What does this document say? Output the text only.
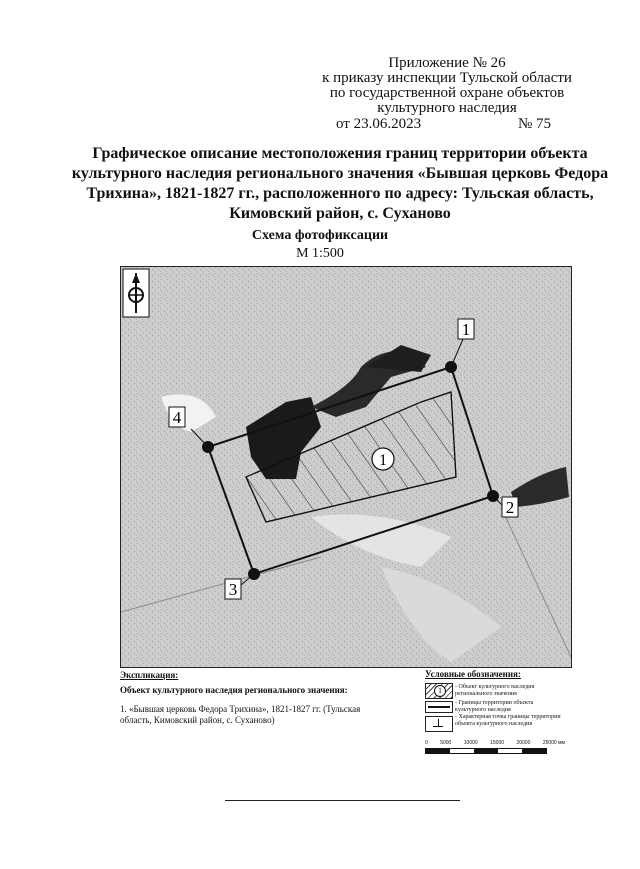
Приложение № 26
к приказу инспекции Тульской области
по государственной охране объектов
культурного наследия
от 23.06.2023	№ 75
Графическое описание местоположения границ территории объекта культурного наследия регионального значения «Бывшая церковь Федора Трихина», 1821-1827 гг., расположенного по адресу: Тульская область, Кимовский район, с. Суханово
Схема фотофиксации
М 1:500
1
2
3
4
1
Экспликация:
Объект культурного наследия регионального значения:
1. «Бывшая церковь Федора Трихина», 1821-1827 гг. (Тульская область, Кимовский район, с. Суханово)
Условные обозначения:
1	- Объект культурного наследия регионального значения
- Границы территории объекта культурного наследия
- Характерная точка границы территории объекта культурного наследия
0 5000 10000 15000 20000 25000 мм
